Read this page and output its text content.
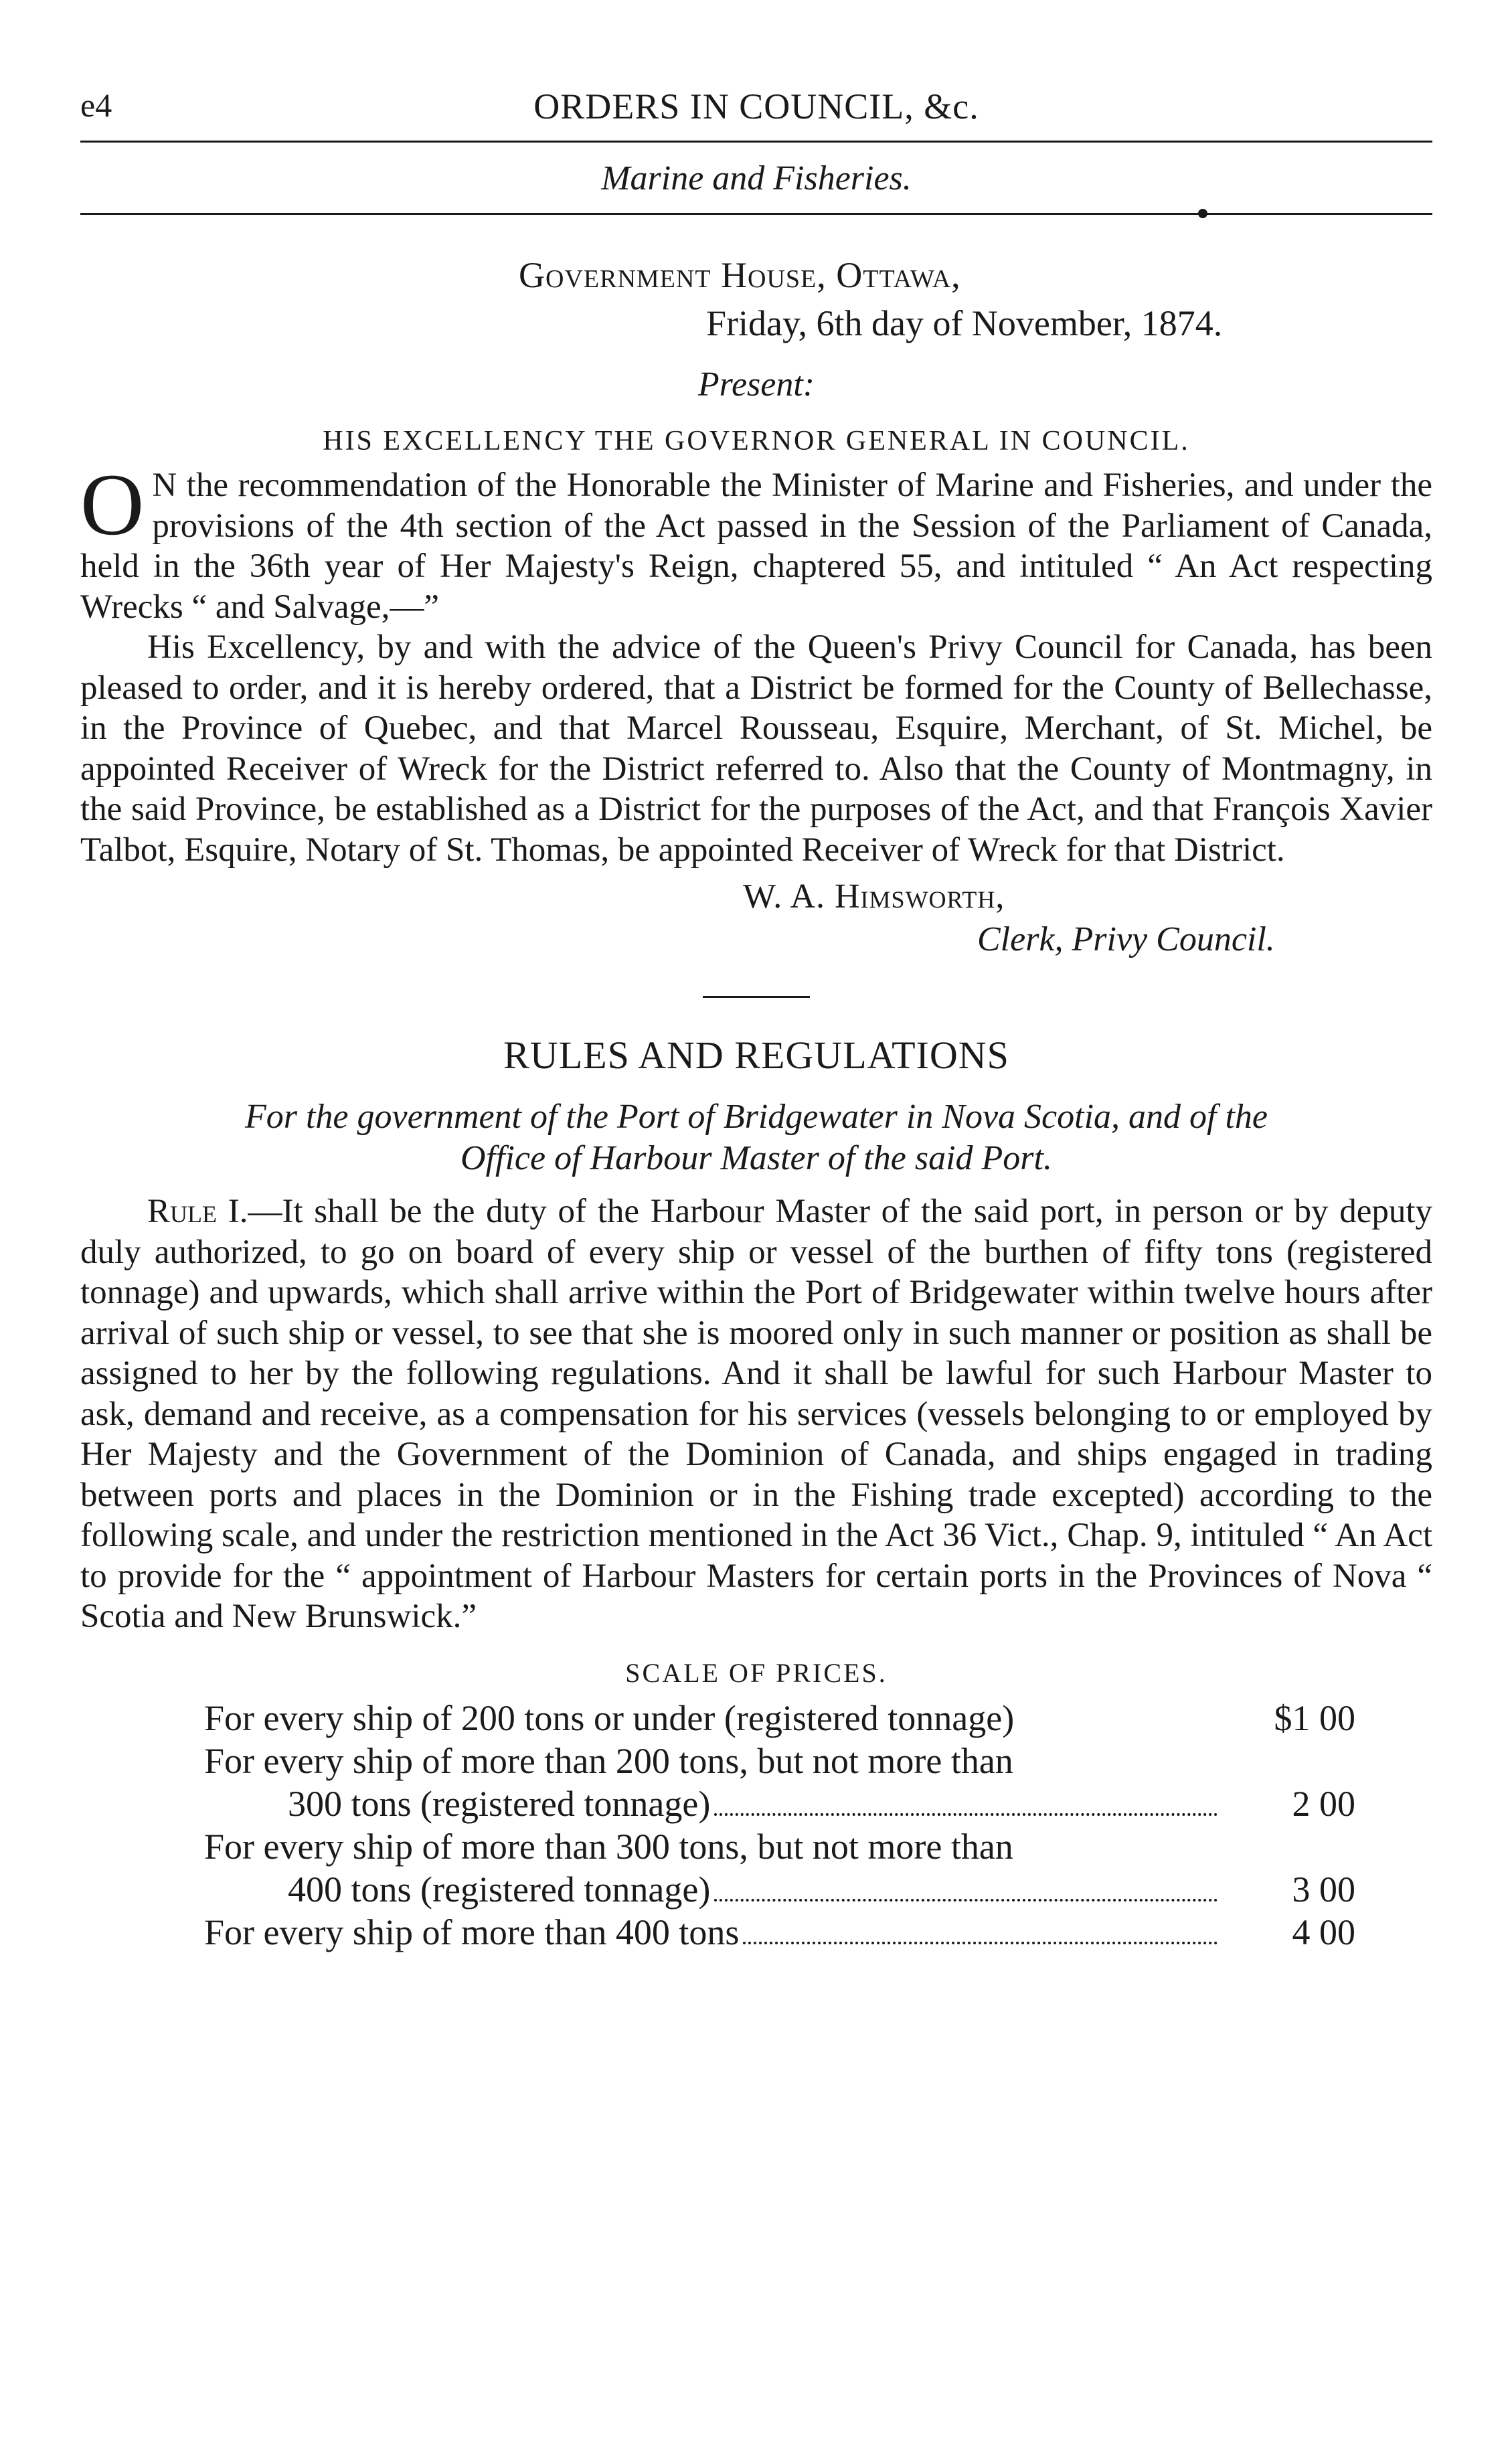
e4	ORDERS IN COUNCIL, &c.
Marine and Fisheries.
Government House, Ottawa,
Friday, 6th day of November, 1874.
Present:
HIS EXCELLENCY THE GOVERNOR GENERAL IN COUNCIL.

O N the recommendation of the Honorable the Minister of Marine and Fisheries, and under the provisions of the 4th section of the Act passed in the Session of the Parliament of Canada, held in the 36th year of Her Majesty's Reign, chaptered 55, and intituled “ An Act respecting Wrecks “ and Salvage,—”

His Excellency, by and with the advice of the Queen's Privy Council for Canada, has been pleased to order, and it is hereby ordered, that a District be formed for the County of Bellechasse, in the Province of Quebec, and that Marcel Rousseau, Esquire, Merchant, of St. Michel, be appointed Receiver of Wreck for the District referred to. Also that the County of Montmagny, in the said Province, be established as a District for the purposes of the Act, and that François Xavier Talbot, Esquire, Notary of St. Thomas, be appointed Receiver of Wreck for that District.

W. A. Himsworth,
Clerk, Privy Council.
RULES AND REGULATIONS
For the government of the Port of Bridgewater in Nova Scotia, and of the
Office of Harbour Master of the said Port.

Rule I.—It shall be the duty of the Harbour Master of the said port, in person or by deputy duly authorized, to go on board of every ship or vessel of the burthen of fifty tons (registered tonnage) and upwards, which shall arrive within the Port of Bridgewater within twelve hours after arrival of such ship or vessel, to see that she is moored only in such manner or position as shall be assigned to her by the following regulations. And it shall be lawful for such Harbour Master to ask, demand and receive, as a compensation for his services (vessels belonging to or employed by Her Majesty and the Government of the Dominion of Canada, and ships engaged in trading between ports and places in the Dominion or in the Fishing trade excepted) according to the following scale, and under the restriction mentioned in the Act 36 Vict., Chap. 9, intituled “ An Act to provide for the “ appointment of Harbour Masters for certain ports in the Provinces of Nova “ Scotia and New Brunswick.”

SCALE OF PRICES.
For every ship of 200 tons or under (registered tonnage)	$1 00
For every ship of more than 200 tons, but not more than
300 tons (registered tonnage)	2 00
For every ship of more than 300 tons, but not more than
400 tons (registered tonnage)	3 00
For every ship of more than 400 tons	4 00
